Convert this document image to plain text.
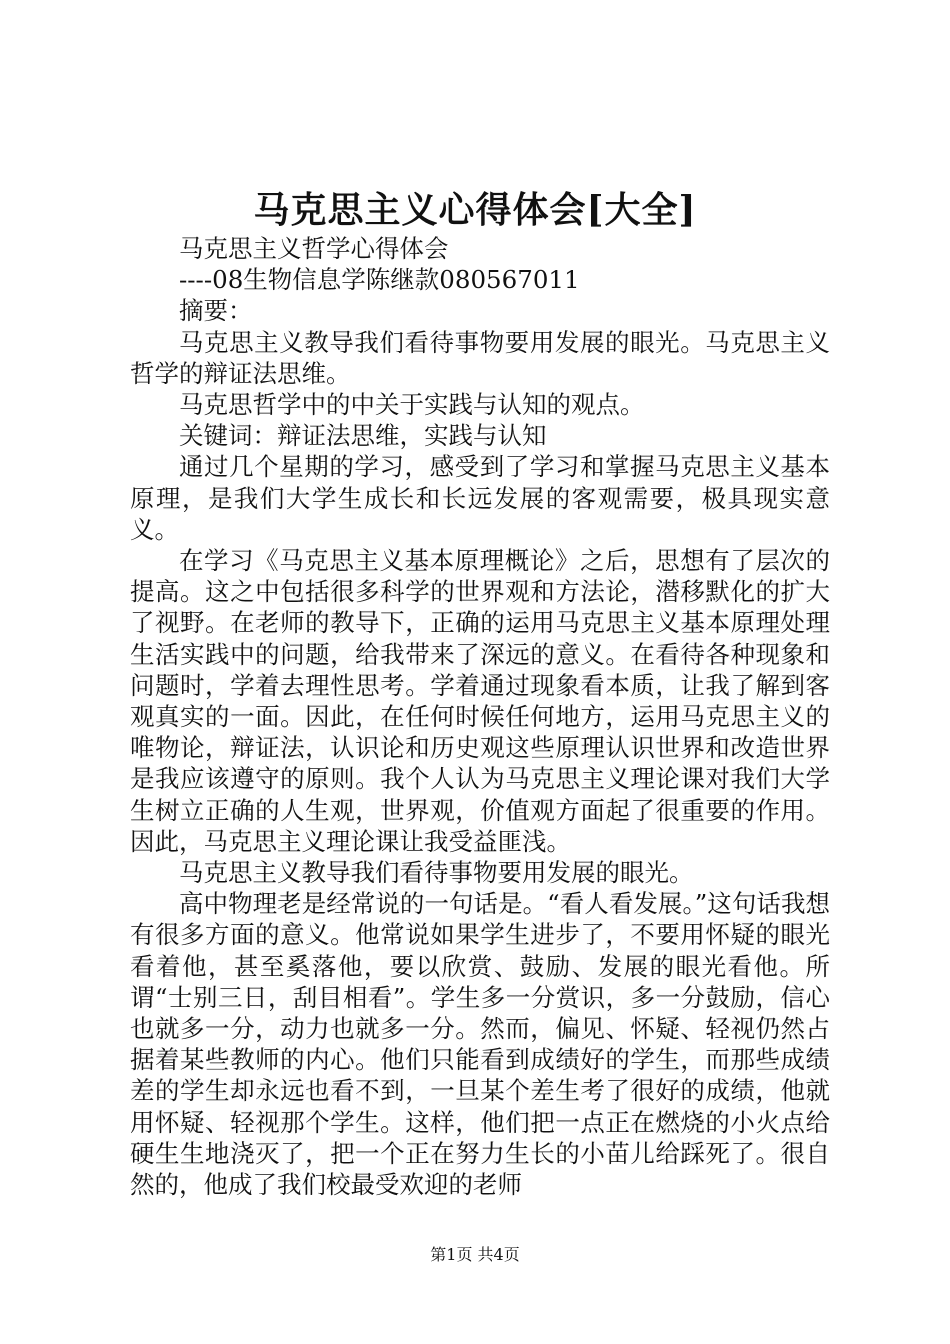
马克思主义心得体会[大全]

马克思主义哲学心得体会

----08生物信息学陈继款080567011

摘要：

马克思主义教导我们看待事物要用发展的眼光。马克思主义哲学的辩证法思维。

马克思哲学中的中关于实践与认知的观点。

关键词：辩证法思维，实践与认知

通过几个星期的学习，感受到了学习和掌握马克思主义基本原理，是我们大学生成长和长远发展的客观需要，极具现实意义。

在学习《马克思主义基本原理概论》之后，思想有了层次的提高。这之中包括很多科学的世界观和方法论，潜移默化的扩大了视野。在老师的教导下，正确的运用马克思主义基本原理处理生活实践中的问题，给我带来了深远的意义。在看待各种现象和问题时，学着去理性思考。学着通过现象看本质，让我了解到客观真实的一面。因此，在任何时候任何地方，运用马克思主义的唯物论，辩证法，认识论和历史观这些原理认识世界和改造世界是我应该遵守的原则。我个人认为马克思主义理论课对我们大学生树立正确的人生观，世界观，价值观方面起了很重要的作用。因此，马克思主义理论课让我受益匪浅。

马克思主义教导我们看待事物要用发展的眼光。

高中物理老是经常说的一句话是。“看人看发展。”这句话我想有很多方面的意义。他常说如果学生进步了，不要用怀疑的眼光看着他，甚至奚落他，要以欣赏、鼓励、发展的眼光看他。所谓“士别三日，刮目相看”。学生多一分赏识，多一分鼓励，信心也就多一分，动力也就多一分。然而，偏见、怀疑、轻视仍然占据着某些教师的内心。他们只能看到成绩好的学生，而那些成绩差的学生却永远也看不到，一旦某个差生考了很好的成绩，他就用怀疑、轻视那个学生。这样，他们把一点正在燃烧的小火点给硬生生地浇灭了，把一个正在努力生长的小苗儿给踩死了。很自然的，他成了我们校最受欢迎的老师

第1页 共4页
